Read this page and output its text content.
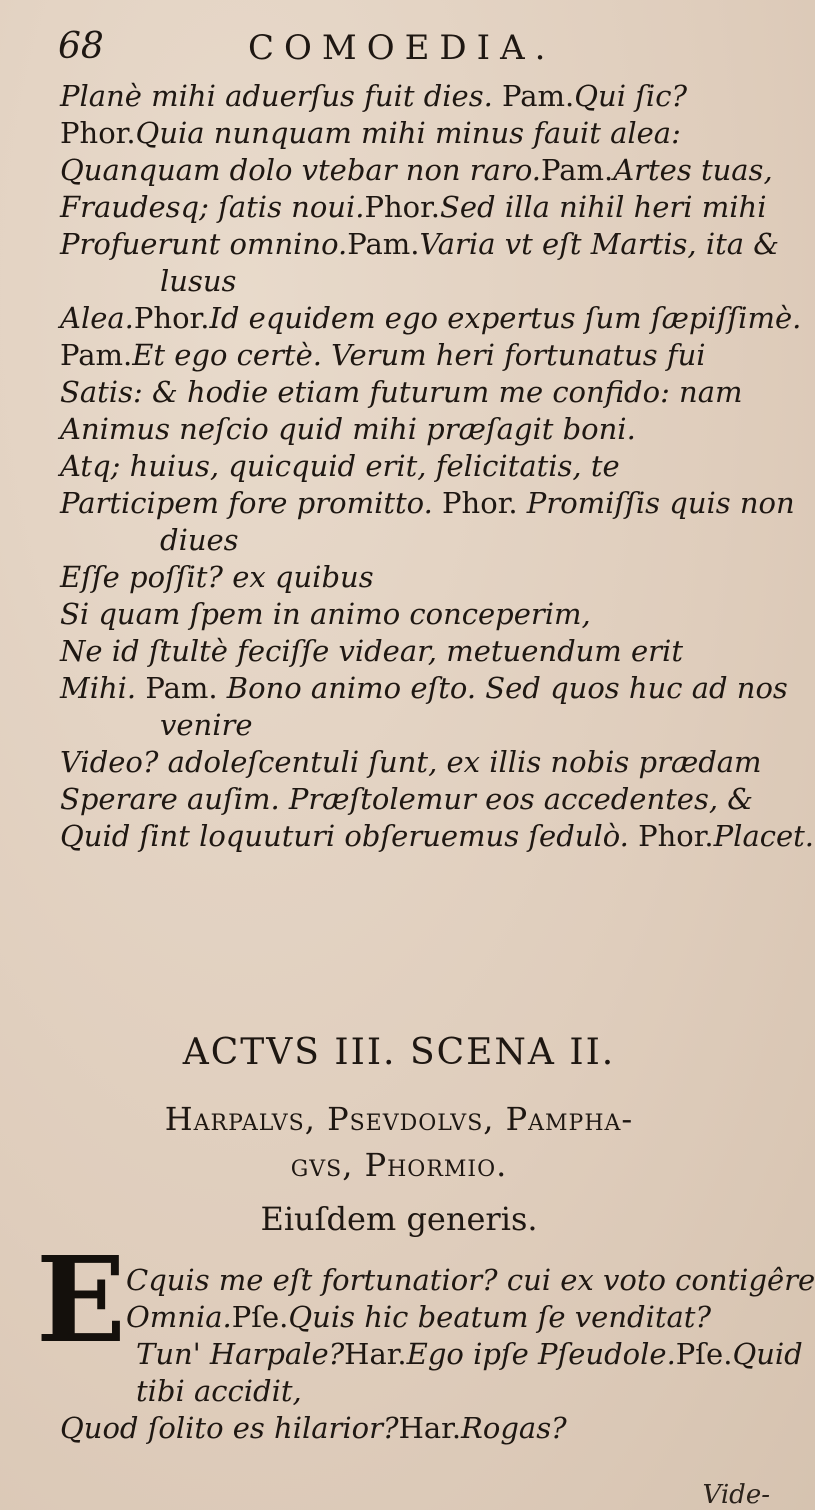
68	COMOEDIA.
Planè mihi aduerſus fuit dies. Pam.Qui ſic?
Phor.Quia nunquam mihi minus fauit alea:
Quanquam dolo vtebar non raro.Pam.Artes tuas,
Fraudesq; ſatis noui.Phor.Sed illa nihil heri mihi
Profuerunt omnino.Pam.Varia vt eſt Martis, ita &
lusus
Alea.Phor.Id equidem ego expertus ſum ſæpiſſimè.
Pam.Et ego certè. Verum heri fortunatus fui
Satis: & hodie etiam futurum me confido: nam
Animus neſcio quid mihi præſagit boni.
Atq; huius, quicquid erit, felicitatis, te
Participem fore promitto. Phor. Promiſſis quis non
diues
Eſſe poſſit? ex quibus
Si quam ſpem in animo conceperim,
Ne id ſtultè feciſſe videar, metuendum erit
Mihi. Pam. Bono animo eſto. Sed quos huc ad nos
venire
Video? adoleſcentuli ſunt, ex illis nobis prædam
Sperare auſim. Præſtolemur eos accedentes, &
Quid ſint loquuturi obſeruemus ſedulò. Phor.Placet.
ACTVS III. SCENA II.
Harpalvs, Psevdolvs, Pampha-
gvs, Phormio.
Eiuſdem generis.
E Cquis me eſt fortunatior? cui ex voto contigêre
Omnia.Pſe.Quis hic beatum ſe venditat?
Tun' Harpale?Har.Ego ipſe Pſeudole.Pſe.Quid
tibi accidit,
Quod ſolito es hilarior?Har.Rogas?
Vide-
